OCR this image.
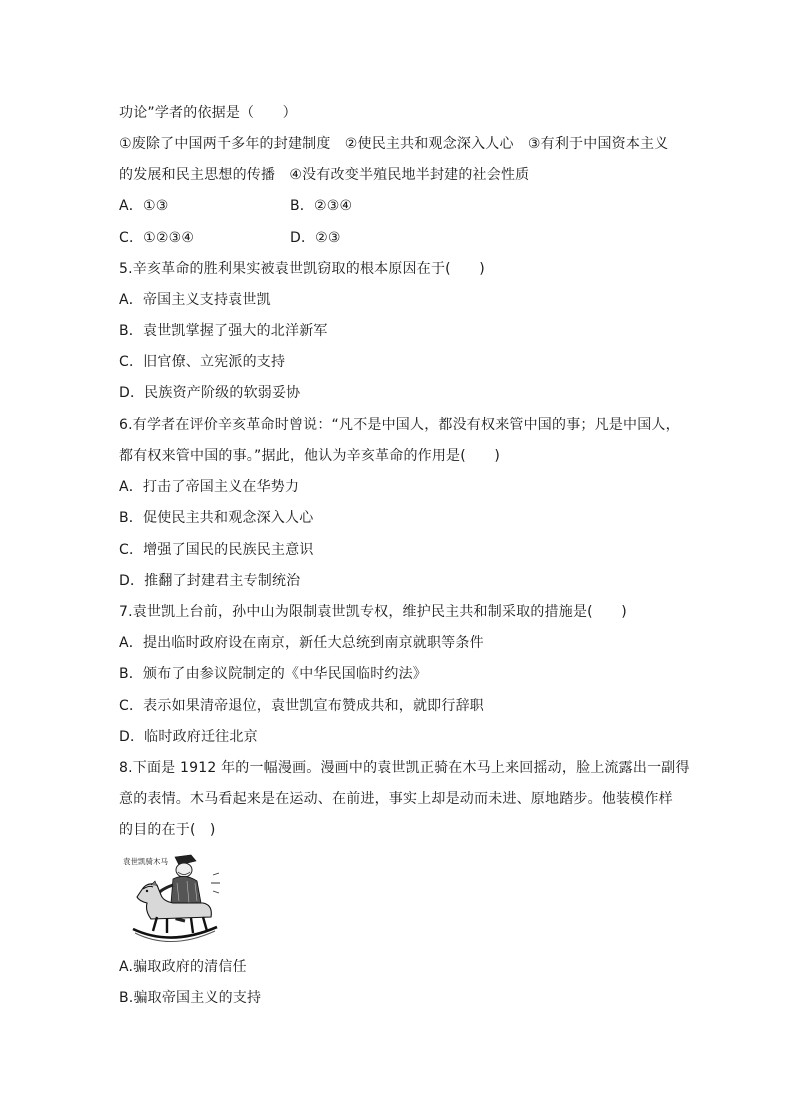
功论”学者的依据是（　　）
①废除了中国两千多年的封建制度　②使民主共和观念深入人心　③有利于中国资本主义
的发展和民主思想的传播　④没有改变半殖民地半封建的社会性质
A．①③	B．②③④
C．①②③④	D．②③
5.辛亥革命的胜利果实被袁世凯窃取的根本原因在于(　　)
A．帝国主义支持袁世凯
B．袁世凯掌握了强大的北洋新军
C．旧官僚、立宪派的支持
D．民族资产阶级的软弱妥协
6.有学者在评价辛亥革命时曾说：“凡不是中国人，都没有权来管中国的事；凡是中国人，
都有权来管中国的事。”据此，他认为辛亥革命的作用是(　　)
A．打击了帝国主义在华势力
B．促使民主共和观念深入人心
C．增强了国民的民族民主意识
D．推翻了封建君主专制统治
7.袁世凯上台前，孙中山为限制袁世凯专权，维护民主共和制采取的措施是(　　)
A．提出临时政府设在南京，新任大总统到南京就职等条件
B．颁布了由参议院制定的《中华民国临时约法》
C．表示如果清帝退位，袁世凯宣布赞成共和，就即行辞职
D．临时政府迁往北京
8.下面是 1912 年的一幅漫画。漫画中的袁世凯正骑在木马上来回摇动，脸上流露出一副得
意的表情。木马看起来是在运动、在前进，事实上却是动而未进、原地踏步。他装模作样
的目的在于(　)
袁世凯骑木马
A.骗取政府的清信任
B.骗取帝国主义的支持
